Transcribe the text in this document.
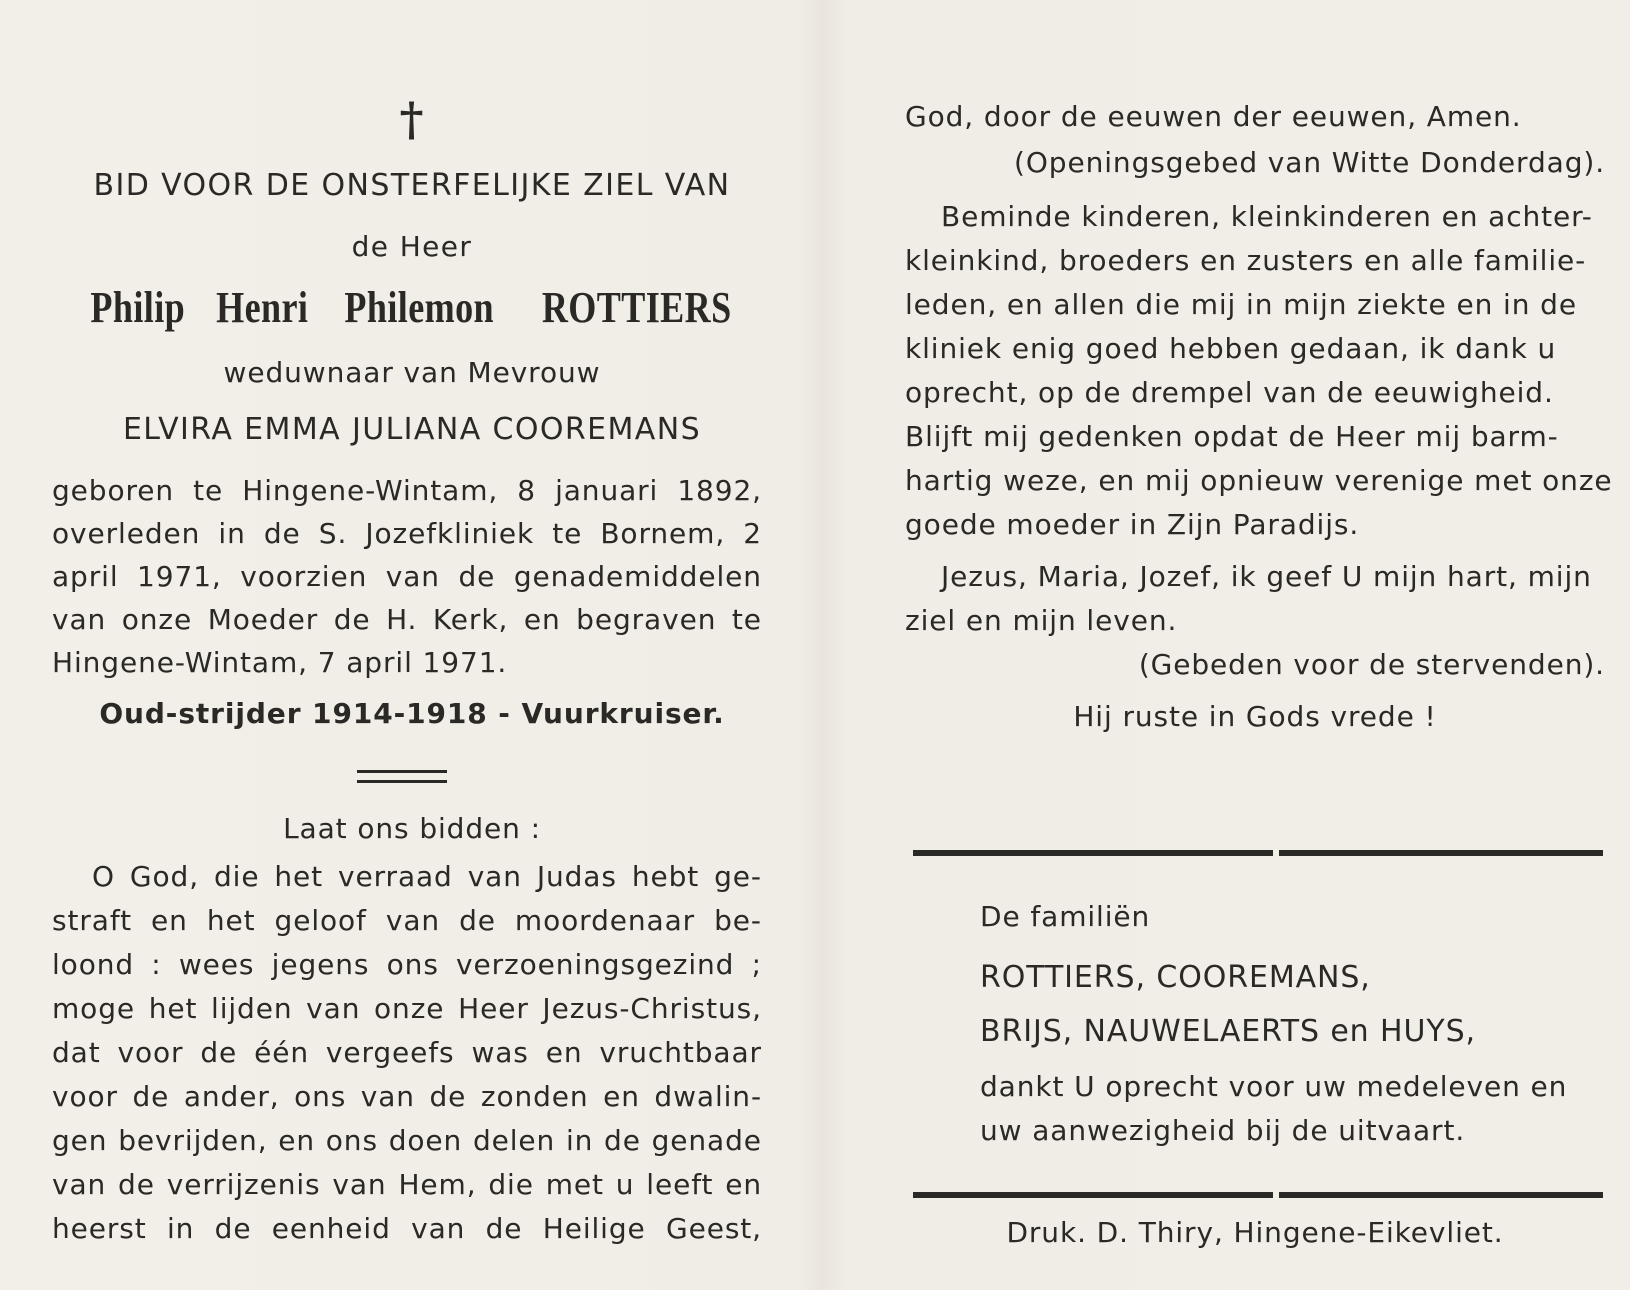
†
BID VOOR DE ONSTERFELIJKE ZIEL VAN
de Heer
Philip Henri Philemon ROTTIERS
weduwnaar van Mevrouw
ELVIRA EMMA JULIANA COOREMANS
geboren te Hingene-Wintam, 8 januari 1892,
overleden in de S. Jozefkliniek te Bornem, 2
april 1971, voorzien van de genademiddelen
van onze Moeder de H. Kerk, en begraven te
Hingene-Wintam, 7 april 1971.
Oud-strijder 1914-1918 - Vuurkruiser.
Laat ons bidden :
O God, die het verraad van Judas hebt ge-
straft en het geloof van de moordenaar be-
loond : wees jegens ons verzoeningsgezind ;
moge het lijden van onze Heer Jezus-Christus,
dat voor de één vergeefs was en vruchtbaar
voor de ander, ons van de zonden en dwalin-
gen bevrijden, en ons doen delen in de genade
van de verrijzenis van Hem, die met u leeft en
heerst in de eenheid van de Heilige Geest,
God, door de eeuwen der eeuwen, Amen.
(Openingsgebed van Witte Donderdag).
Beminde kinderen, kleinkinderen en achter-
kleinkind, broeders en zusters en alle familie-
leden, en allen die mij in mijn ziekte en in de
kliniek enig goed hebben gedaan, ik dank u
oprecht, op de drempel van de eeuwigheid.
Blijft mij gedenken opdat de Heer mij barm-
hartig weze, en mij opnieuw verenige met onze
goede moeder in Zijn Paradijs.
Jezus, Maria, Jozef, ik geef U mijn hart, mijn
ziel en mijn leven.
(Gebeden voor de stervenden).
Hij ruste in Gods vrede !
De familiën
ROTTIERS, COOREMANS,
BRIJS, NAUWELAERTS en HUYS,
dankt U oprecht voor uw medeleven en
uw aanwezigheid bij de uitvaart.
Druk. D. Thiry, Hingene-Eikevliet.
